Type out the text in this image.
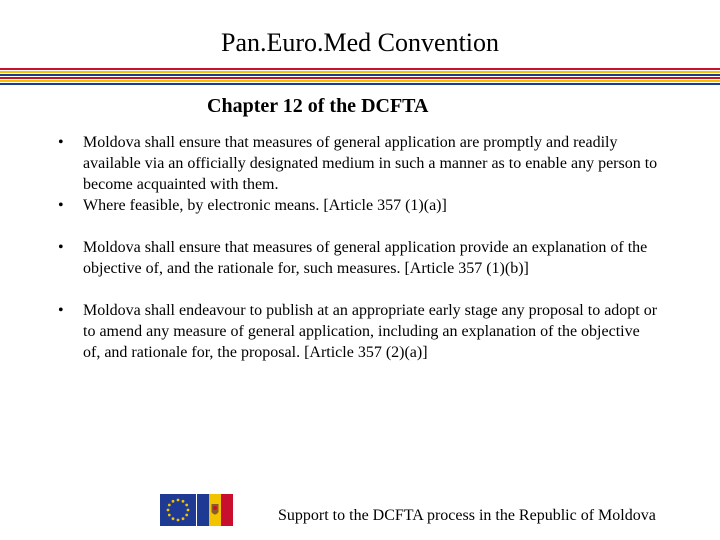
Pan.Euro.Med Convention
Chapter 12 of the DCFTA
•	Moldova shall ensure that measures of general application are promptly and readily available via an officially designated medium in such a manner as to enable any person to become acquainted with them.
•	Where feasible, by electronic means. [Article 357 (1)(a)]
•	Moldova shall ensure that measures of general application provide an explanation of the objective of, and the rationale for, such measures. [Article 357 (1)(b)]
•	Moldova shall endeavour to publish at an appropriate early stage any proposal to adopt or to amend any measure of general application, including an explanation of the objective of, and rationale for, the proposal. [Article 357 (2)(a)]
Support to the DCFTA process in the Republic of Moldova
